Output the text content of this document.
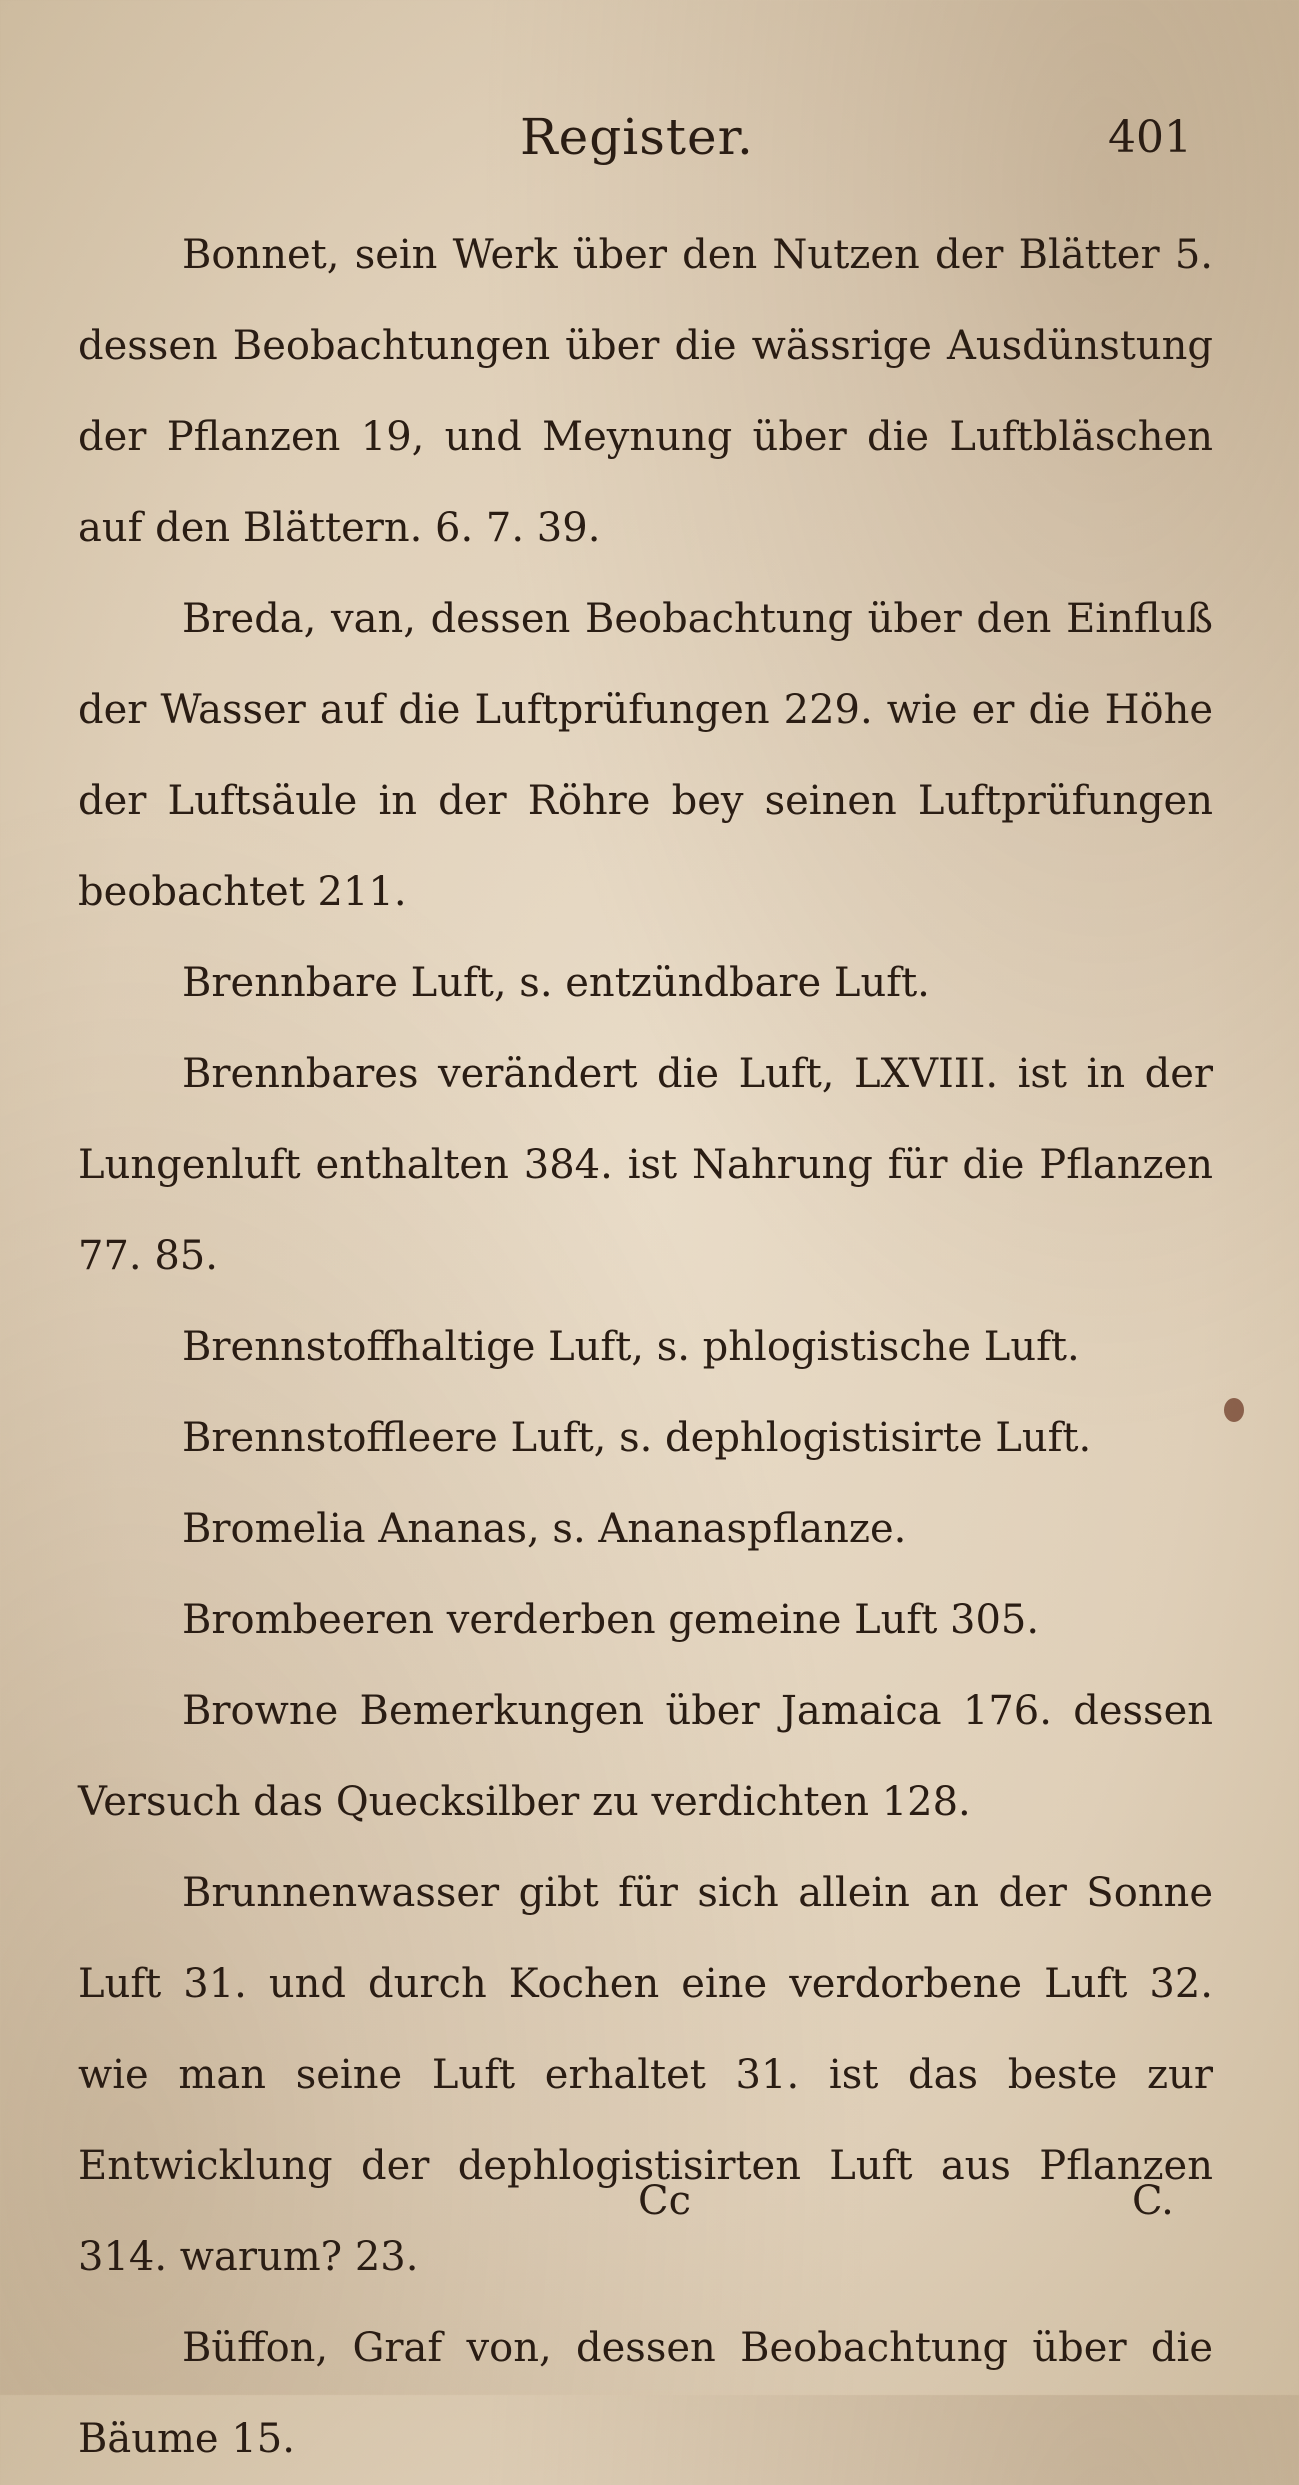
Register.	401

Bonnet, sein Werk über den Nutzen der Blätter 5. dessen Beobachtungen über die wässrige Ausdünstung der Pflanzen 19, und Meynung über die Luftbläschen auf den Blättern. 6. 7. 39.

Breda, van, dessen Beobachtung über den Einfluß der Wasser auf die Luftprüfungen 229. wie er die Höhe der Luftsäule in der Röhre bey seinen Luftprüfungen beobachtet 211.

Brennbare Luft, s. entzündbare Luft.

Brennbares verändert die Luft, LXVIII. ist in der Lungenluft enthalten 384. ist Nahrung für die Pflanzen 77. 85.

Brennstoffhaltige Luft, s. phlogistische Luft.

Brennstoffleere Luft, s. dephlogistisirte Luft.

Bromelia Ananas, s. Ananaspflanze.

Brombeeren verderben gemeine Luft 305.

Browne Bemerkungen über Jamaica 176. dessen Versuch das Quecksilber zu verdichten 128.

Brunnenwasser gibt für sich allein an der Sonne Luft 31. und durch Kochen eine verdorbene Luft 32. wie man seine Luft erhaltet 31. ist das beste zur Entwicklung der dephlogistisirten Luft aus Pflanzen 314. warum? 23.

Büffon, Graf von, dessen Beobachtung über die Bäume 15.

Cc	C.
